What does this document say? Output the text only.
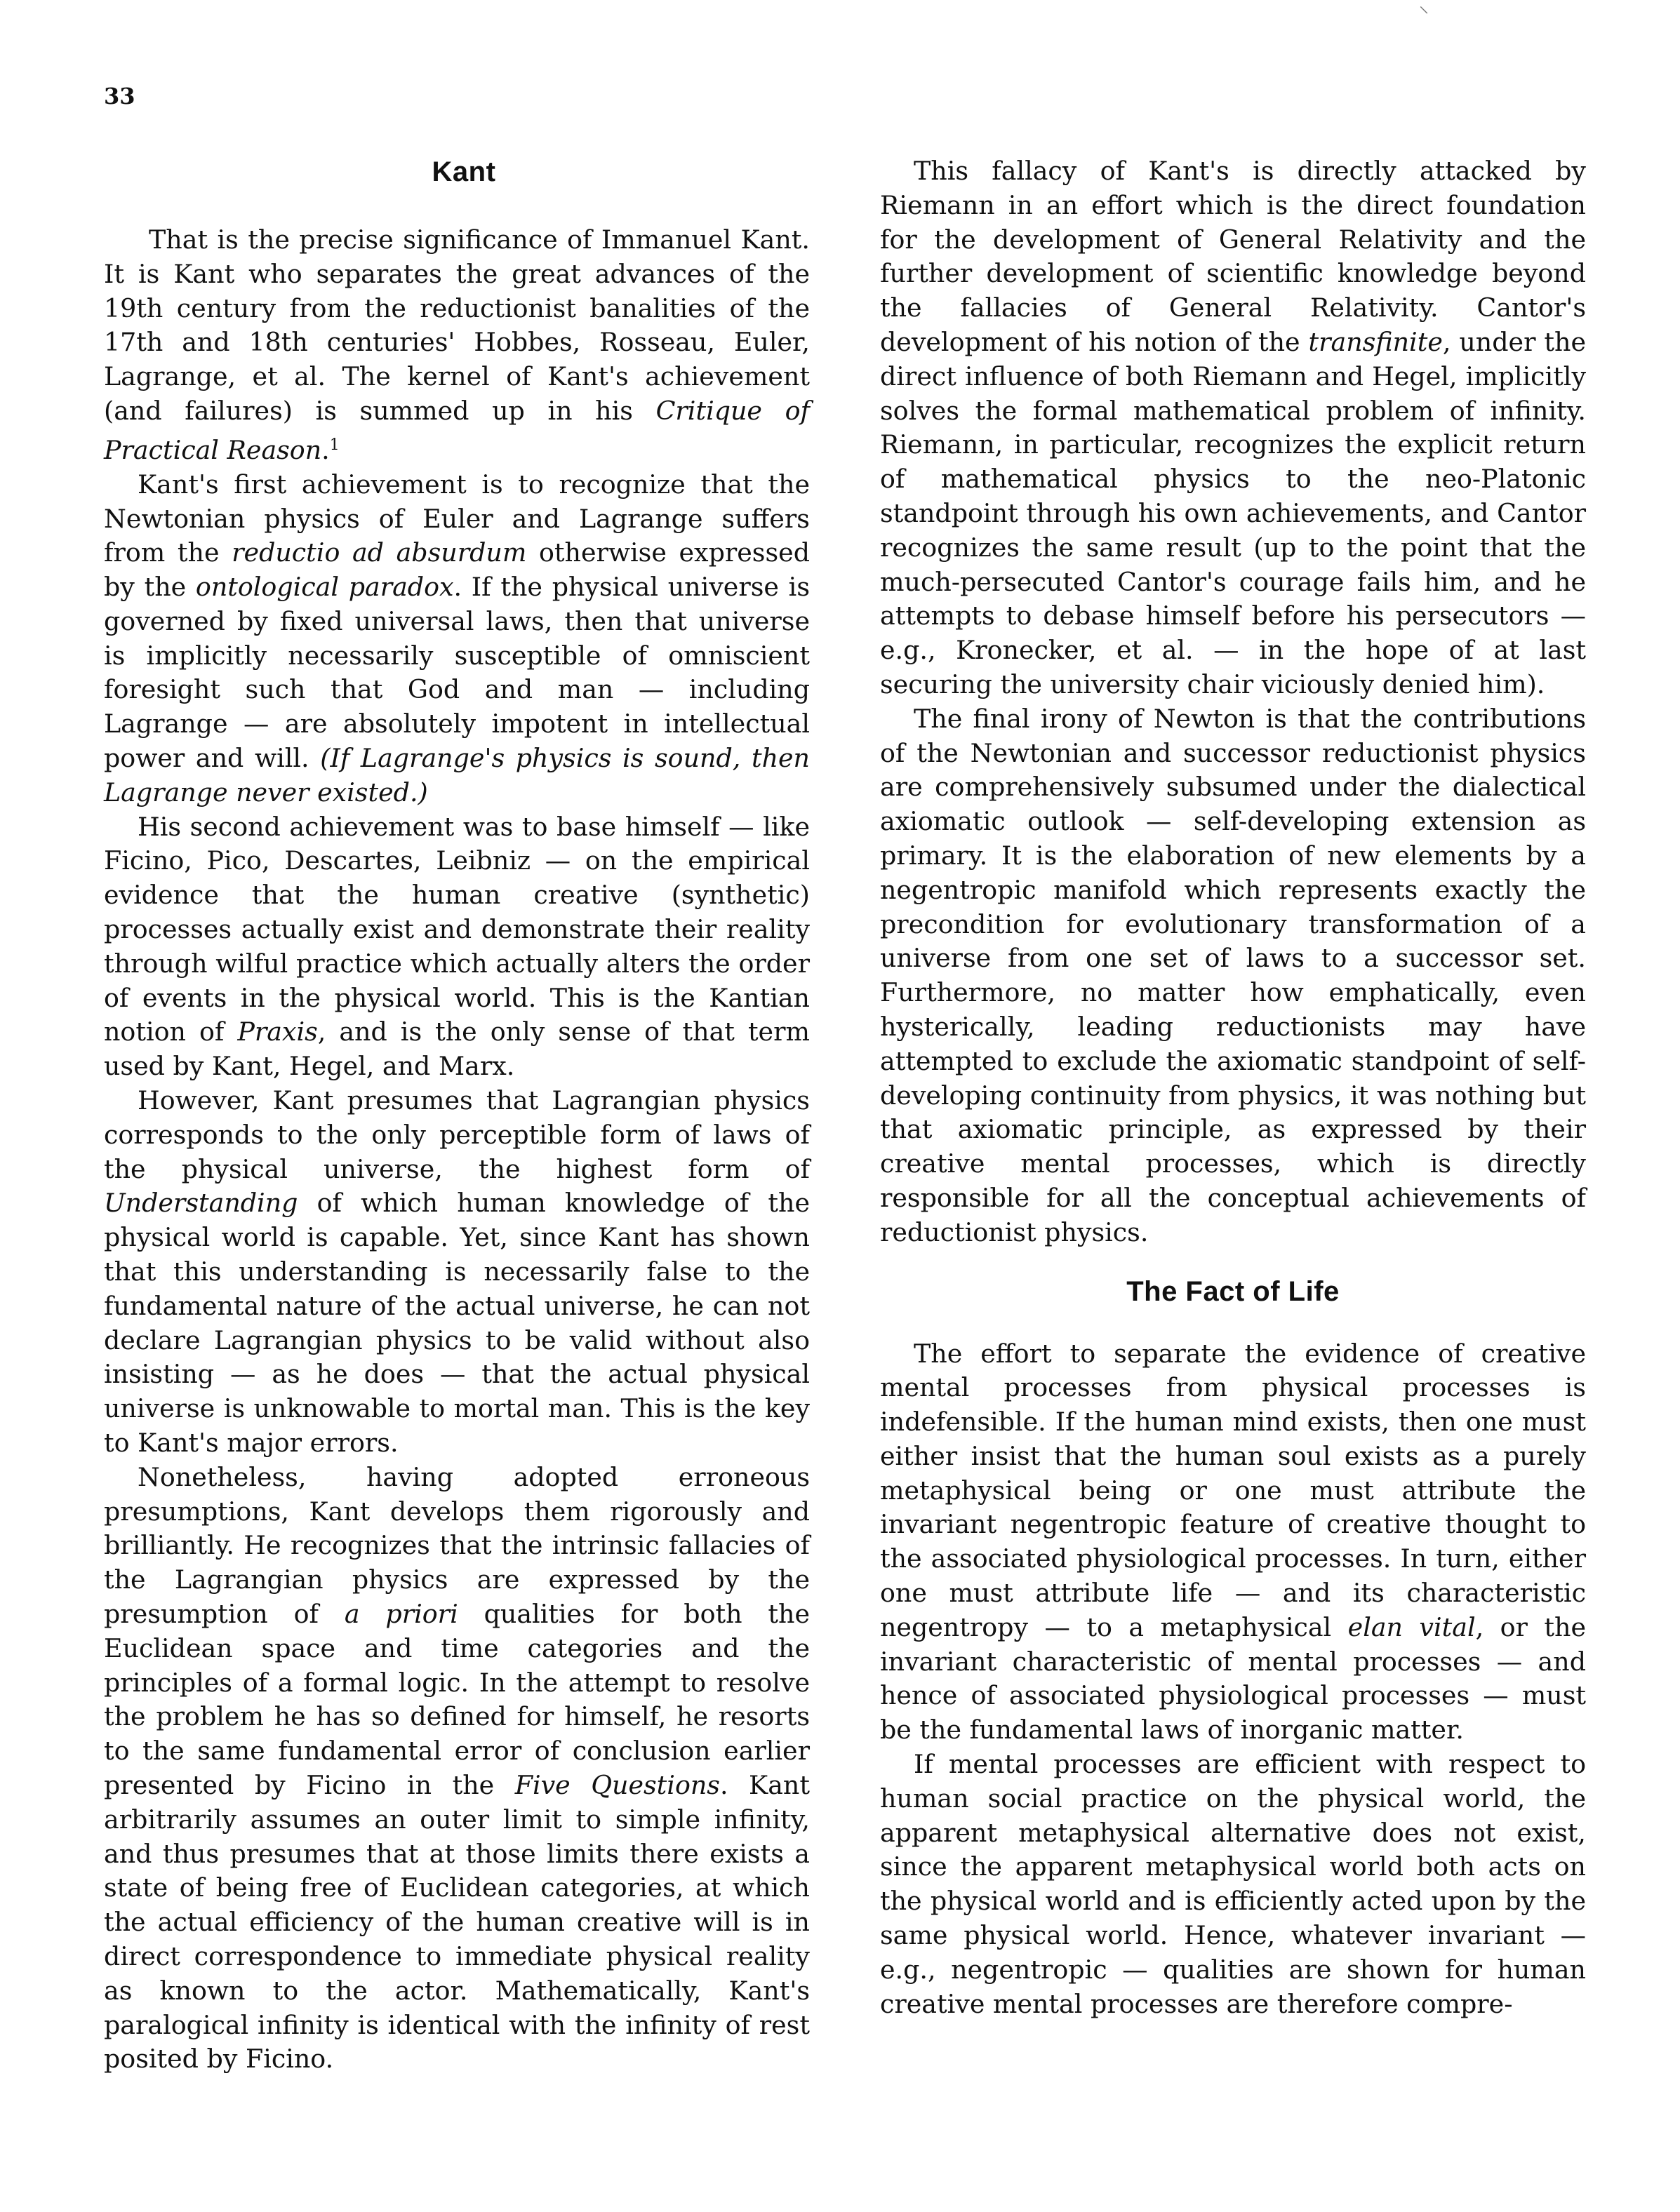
33
⸌
Kant

That is the precise significance of Immanuel Kant. It is Kant who separates the great advances of the 19th century from the reductionist banalities of the 17th and 18th centuries' Hobbes, Rosseau, Euler, Lagrange, et al. The kernel of Kant's achievement (and failures) is summed up in his Critique of Practical Reason.$^1$

Kant's first achievement is to recognize that the Newtonian physics of Euler and Lagrange suffers from the reductio ad absurdum otherwise expressed by the ontological paradox. If the physical universe is governed by fixed universal laws, then that universe is implicitly necessarily susceptible of omniscient foresight such that God and man — including Lagrange — are absolutely impotent in intellectual power and will. (If Lagrange's physics is sound, then Lagrange never existed.)

His second achievement was to base himself — like Ficino, Pico, Descartes, Leibniz — on the empirical evidence that the human creative (synthetic) processes actually exist and demonstrate their reality through wilful practice which actually alters the order of events in the physical world. This is the Kantian notion of Praxis, and is the only sense of that term used by Kant, Hegel, and Marx.

However, Kant presumes that Lagrangian physics corresponds to the only perceptible form of laws of the physical universe, the highest form of Understanding of which human knowledge of the physical world is capable. Yet, since Kant has shown that this understanding is necessarily false to the fundamental nature of the actual universe, he can not declare Lagrangian physics to be valid without also insisting — as he does — that the actual physical universe is unknowable to mortal man. This is the key to Kant's major errors.

Nonetheless, having adopted erroneous presumptions, Kant develops them rigorously and brilliantly. He recognizes that the intrinsic fallacies of the Lagrangian physics are expressed by the presumption of a priori qualities for both the Euclidean space and time categories and the principles of a formal logic. In the attempt to resolve the problem he has so defined for himself, he resorts to the same fundamental error of conclusion earlier presented by Ficino in the Five Questions. Kant arbitrarily assumes an outer limit to simple infinity, and thus presumes that at those limits there exists a state of being free of Euclidean categories, at which the actual efficiency of the human creative will is in direct correspondence to immediate physical reality as known to the actor. Mathematically, Kant's paralogical infinity is identical with the infinity of rest posited by Ficino.

This fallacy of Kant's is directly attacked by Riemann in an effort which is the direct foundation for the development of General Relativity and the further development of scientific knowledge beyond the fallacies of General Relativity. Cantor's development of his notion of the transfinite, under the direct influence of both Riemann and Hegel, implicitly solves the formal mathematical problem of infinity. Riemann, in particular, recognizes the explicit return of mathematical physics to the neo-Platonic standpoint through his own achievements, and Cantor recognizes the same result (up to the point that the much-persecuted Cantor's courage fails him, and he attempts to debase himself before his persecutors — e.g., Kronecker, et al. — in the hope of at last securing the university chair viciously denied him).

The final irony of Newton is that the contributions of the Newtonian and successor reductionist physics are comprehensively subsumed under the dialectical axiomatic outlook — self-developing extension as primary. It is the elaboration of new elements by a negentropic manifold which represents exactly the precondition for evolutionary transformation of a universe from one set of laws to a successor set. Furthermore, no matter how emphatically, even hysterically, leading reductionists may have attempted to exclude the axiomatic standpoint of self-developing continuity from physics, it was nothing but that axiomatic principle, as expressed by their creative mental processes, which is directly responsible for all the conceptual achievements of reductionist physics.

The Fact of Life

The effort to separate the evidence of creative mental processes from physical processes is indefensible. If the human mind exists, then one must either insist that the human soul exists as a purely metaphysical being or one must attribute the invariant negentropic feature of creative thought to the associated physiological processes. In turn, either one must attribute life — and its characteristic negentropy — to a metaphysical elan vital, or the invariant characteristic of mental processes — and hence of associated physiological processes — must be the fundamental laws of inorganic matter.

If mental processes are efficient with respect to human social practice on the physical world, the apparent metaphysical alternative does not exist, since the apparent metaphysical world both acts on the physical world and is efficiently acted upon by the same physical world. Hence, whatever invariant — e.g., negentropic — qualities are shown for human creative mental processes are therefore compre-
